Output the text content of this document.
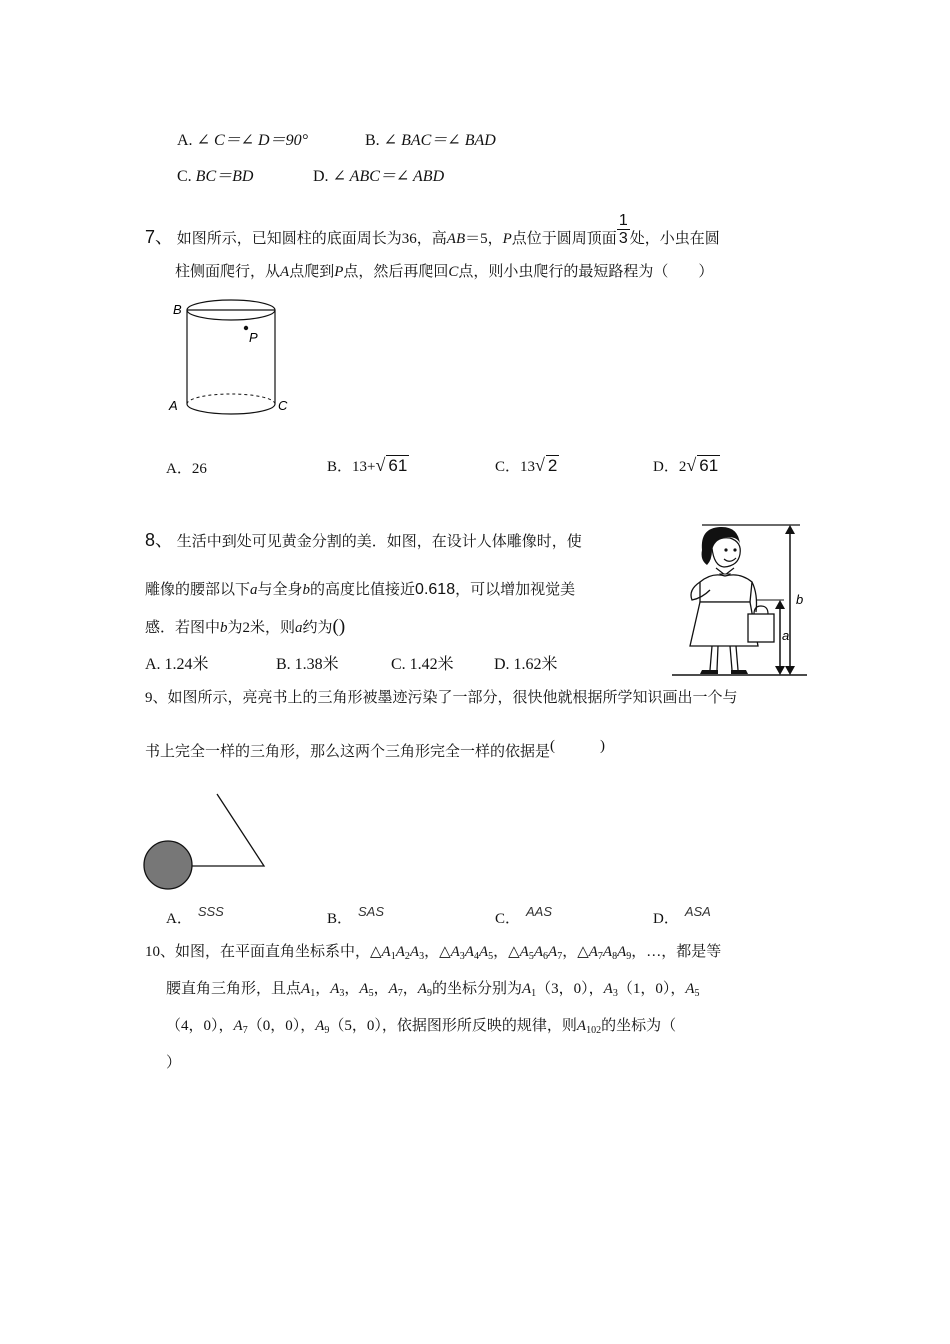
A. ∠ C＝∠ D＝90°	B. ∠ BAC＝∠ BAD
C. BC＝BD	D. ∠ ABC＝∠ ABD
7、 如图所示，已知圆柱的底面周长为36，高AB＝5，P点位于圆周顶面 $\frac{1}{3}$ 处，小虫在圆
柱侧面爬行，从A点爬到P点，然后再爬回C点，则小虫爬行的最短路程为（　　）
B
P
A	C
A．26	B．13+√ 61	C．13√ 2	D．2√ 61
8、 生活中到处可见黄金分割的美．如图，在设计人体雕像时，使
雕像的腰部以下a与全身b的高度比值接近0.618，可以增加视觉美
感．若图中b为2米，则a约为()
A. 1.24米	B. 1.38米	C. 1.42米	D. 1.62米
b
a
9、如图所示，亮亮书上的三角形被墨迹污染了一部分，很快他就根据所学知识画出一个与
书上完全一样的三角形，那么这两个三角形完全一样的依据是(　　　)
A． SSS	B． SAS	C． AAS	D． ASA
10、如图，在平面直角坐标系中，$\triangle A_1A_2A_3$，$\triangle A_3A_4A_5$，$\triangle A_5A_6A_7$，$\triangle A_7A_8A_9$，…，都是等
腰直角三角形，且点$A_1$，$A_3$，$A_5$，$A_7$，$A_9$的坐标分别为$A_1(3$，0），$A_3(1$，0），$A_5$
（4，0），$A_7(0$，0），$A_9(5$，0），依据图形所反映的规律，则$A_{102}$的坐标为（
）
